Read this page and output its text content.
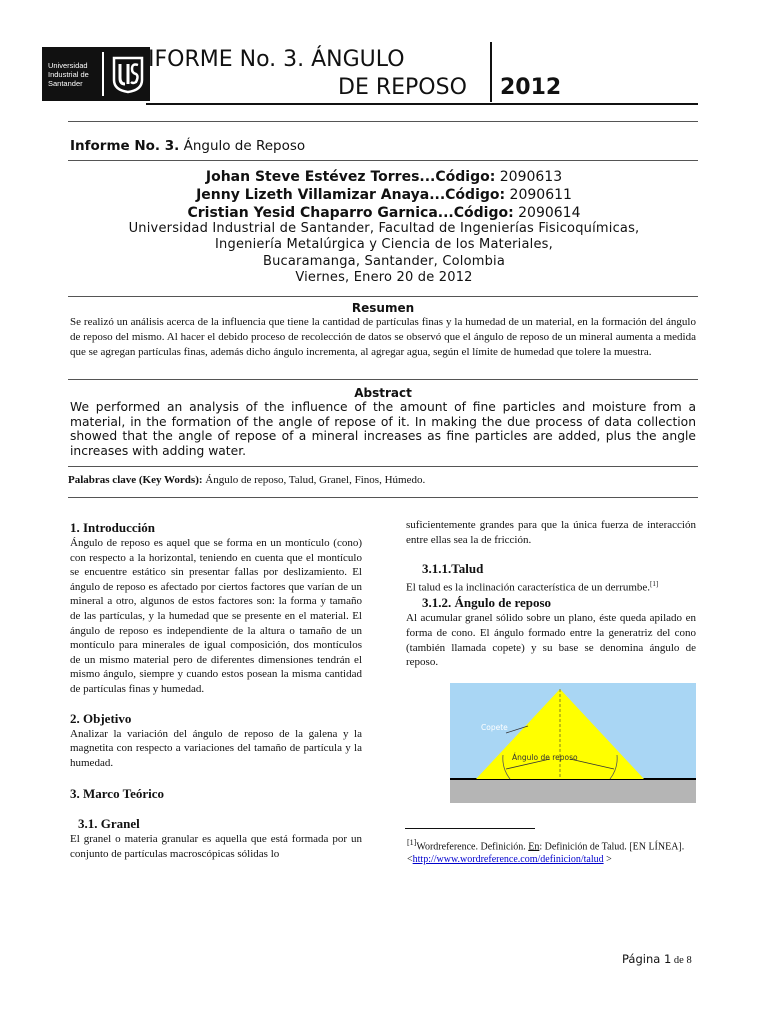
Universidad Industrial de Santander
IFORME No. 3. ÁNGULO
DE REPOSO 2012
Informe No. 3. Ángulo de Reposo
Johan Steve Estévez Torres...Código: 2090613
Jenny Lizeth Villamizar Anaya...Código: 2090611
Cristian Yesid Chaparro Garnica...Código: 2090614
Universidad Industrial de Santander, Facultad de Ingenierías Fisicoquímicas,
Ingeniería Metalúrgica y Ciencia de los Materiales,
Bucaramanga, Santander, Colombia
Viernes, Enero 20 de 2012
Resumen
Se realizó un análisis acerca de la influencia que tiene la cantidad de partículas finas y la humedad de un material, en la formación del ángulo de reposo del mismo. Al hacer el debido proceso de recolección de datos se observó que el ángulo de reposo de un mineral aumenta a medida que se agregan partículas finas, además dicho ángulo incrementa, al agregar agua, según el límite de humedad que tolere la muestra.
Abstract
We performed an analysis of the influence of the amount of fine particles and moisture from a material, in the formation of the angle of repose of it. In making the due process of data collection showed that the angle of repose of a mineral increases as fine particles are added, plus the angle increases with adding water.
Palabras clave (Key Words): Ángulo de reposo, Talud, Granel, Finos, Húmedo.
1. Introducción
Ángulo de reposo es aquel que se forma en un montículo (cono) con respecto a la horizontal, teniendo en cuenta que el montículo se encuentre estático sin presentar fallas por deslizamiento. El ángulo de reposo es afectado por ciertos factores que varían de un mineral a otro, algunos de estos factores son: la forma y tamaño de las partículas, y la humedad que se presente en el material. El ángulo de reposo es independiente de la altura o tamaño de un montículo para minerales de igual composición, dos montículos de un mismo material pero de diferentes dimensiones tendrán el mismo ángulo, siempre y cuando estos posean la misma cantidad de partículas finas y humedad.
2. Objetivo
Analizar la variación del ángulo de reposo de la galena y la magnetita con respecto a variaciones del tamaño de partícula y la humedad.
3. Marco Teórico
3.1. Granel
El granel o materia granular es aquella que está formada por un conjunto de partículas macroscópicas sólidas lo
suficientemente grandes para que la única fuerza de interacción entre ellas sea la de fricción.
3.1.1.Talud
El talud es la inclinación característica de un derrumbe.[1]
3.1.2. Ángulo de reposo
Al acumular granel sólido sobre un plano, éste queda apilado en forma de cono. El ángulo formado entre la generatriz del cono (también llamada copete) y su base se denomina ángulo de reposo.
Copete
Ángulo de reposo
[1]Wordreference. Definición. En: Definición de Talud. [EN LÍNEA].
<http://www.wordreference.com/definicion/talud >
Página 1 de 8
